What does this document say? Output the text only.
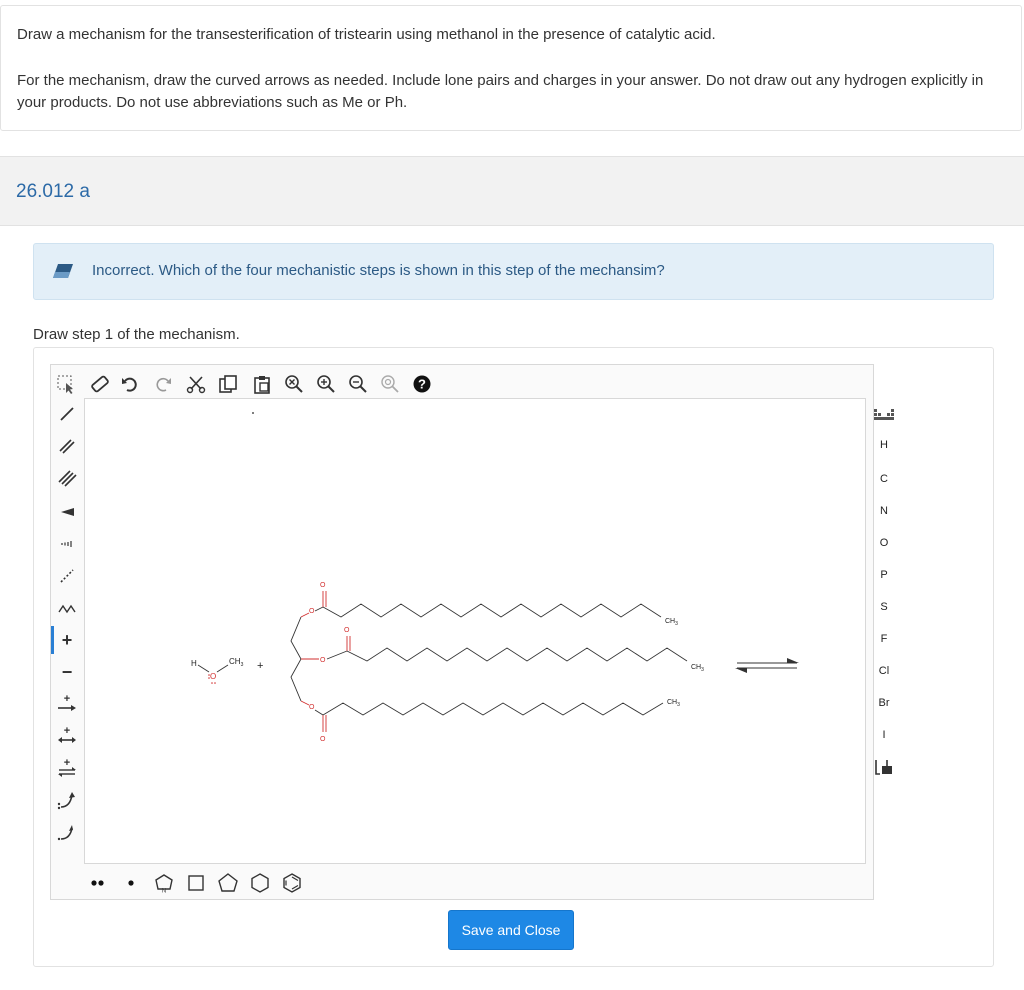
Draw a mechanism for the transesterification of tristearin using methanol in the presence of catalytic acid.

For the mechanism, draw the curved arrows as needed. Include lone pairs and charges in your answer. Do not draw out any hydrogen explicitly in your products. Do not use abbreviations such as Me or Ph.

26.012 a
Incorrect. Which of the four mechanistic steps is shown in this step of the mechansim?
Draw step 1 of the mechanism.
?
+
−
+
+
+
H
C
N
O
P
S
F
Cl
Br
I
N
H
O
$CH_3$ +
O
O
$CH_3$
O
O
$CH_3$
O
O
$CH_3$
Save and Close
